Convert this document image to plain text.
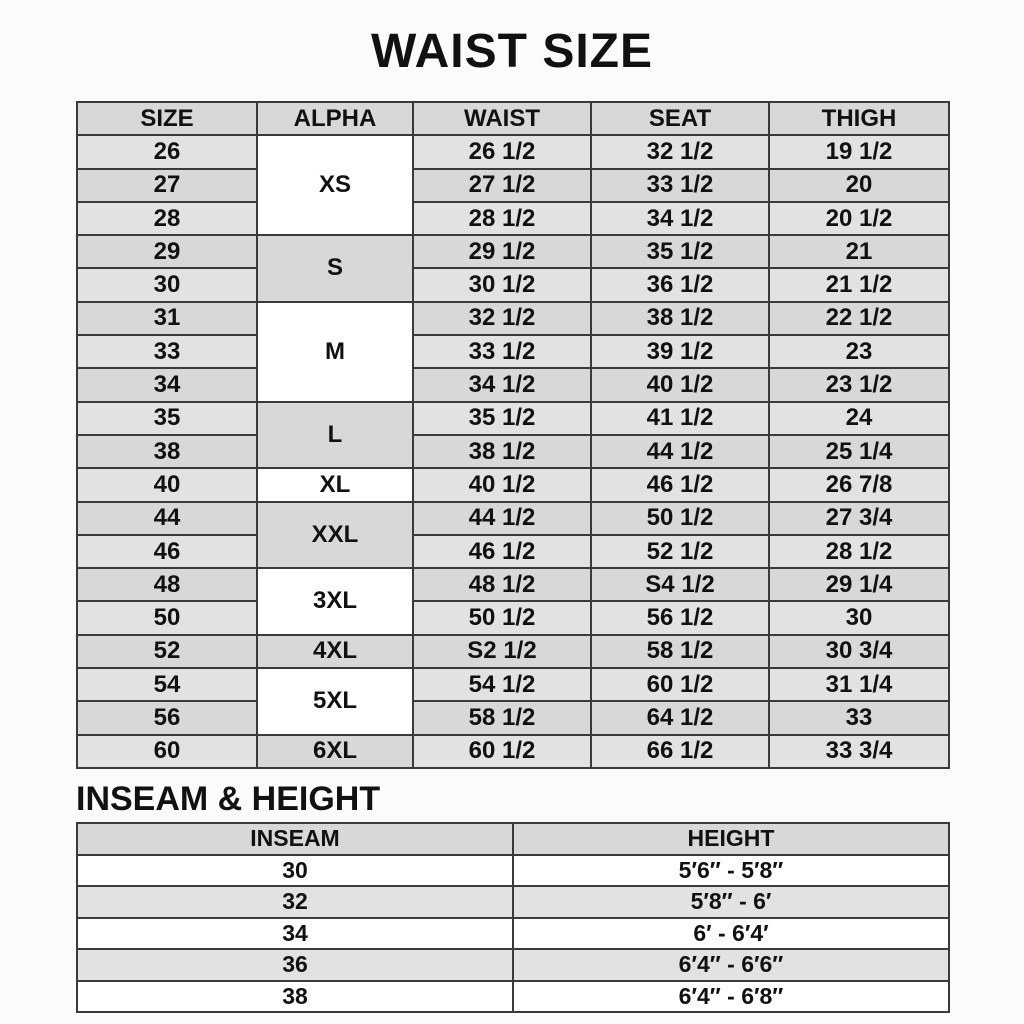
WAIST SIZE
SIZE	ALPHA	WAIST	SEAT	THIGH
26	XS	26 1/2	32 1/2	19 1/2
27		27 1/2	33 1/2	20
28		28 1/2	34 1/2	20 1/2
29	S	29 1/2	35 1/2	21
30		30 1/2	36 1/2	21 1/2
31	M	32 1/2	38 1/2	22 1/2
33		33 1/2	39 1/2	23
34		34 1/2	40 1/2	23 1/2
35	L	35 1/2	41 1/2	24
38		38 1/2	44 1/2	25 1/4
40	XL	40 1/2	46 1/2	26 7/8
44	XXL	44 1/2	50 1/2	27 3/4
46		46 1/2	52 1/2	28 1/2
48	3XL	48 1/2	S4 1/2	29 1/4
50		50 1/2	56 1/2	30
52	4XL	S2 1/2	58 1/2	30 3/4
54	5XL	54 1/2	60 1/2	31 1/4
56		58 1/2	64 1/2	33
60	6XL	60 1/2	66 1/2	33 3/4
INSEAM & HEIGHT
INSEAM	HEIGHT
30	5′6″ - 5′8″
32	5′8″ - 6′
34	6′ - 6′4′
36	6′4″ - 6′6″
38	6′4″ - 6′8″
